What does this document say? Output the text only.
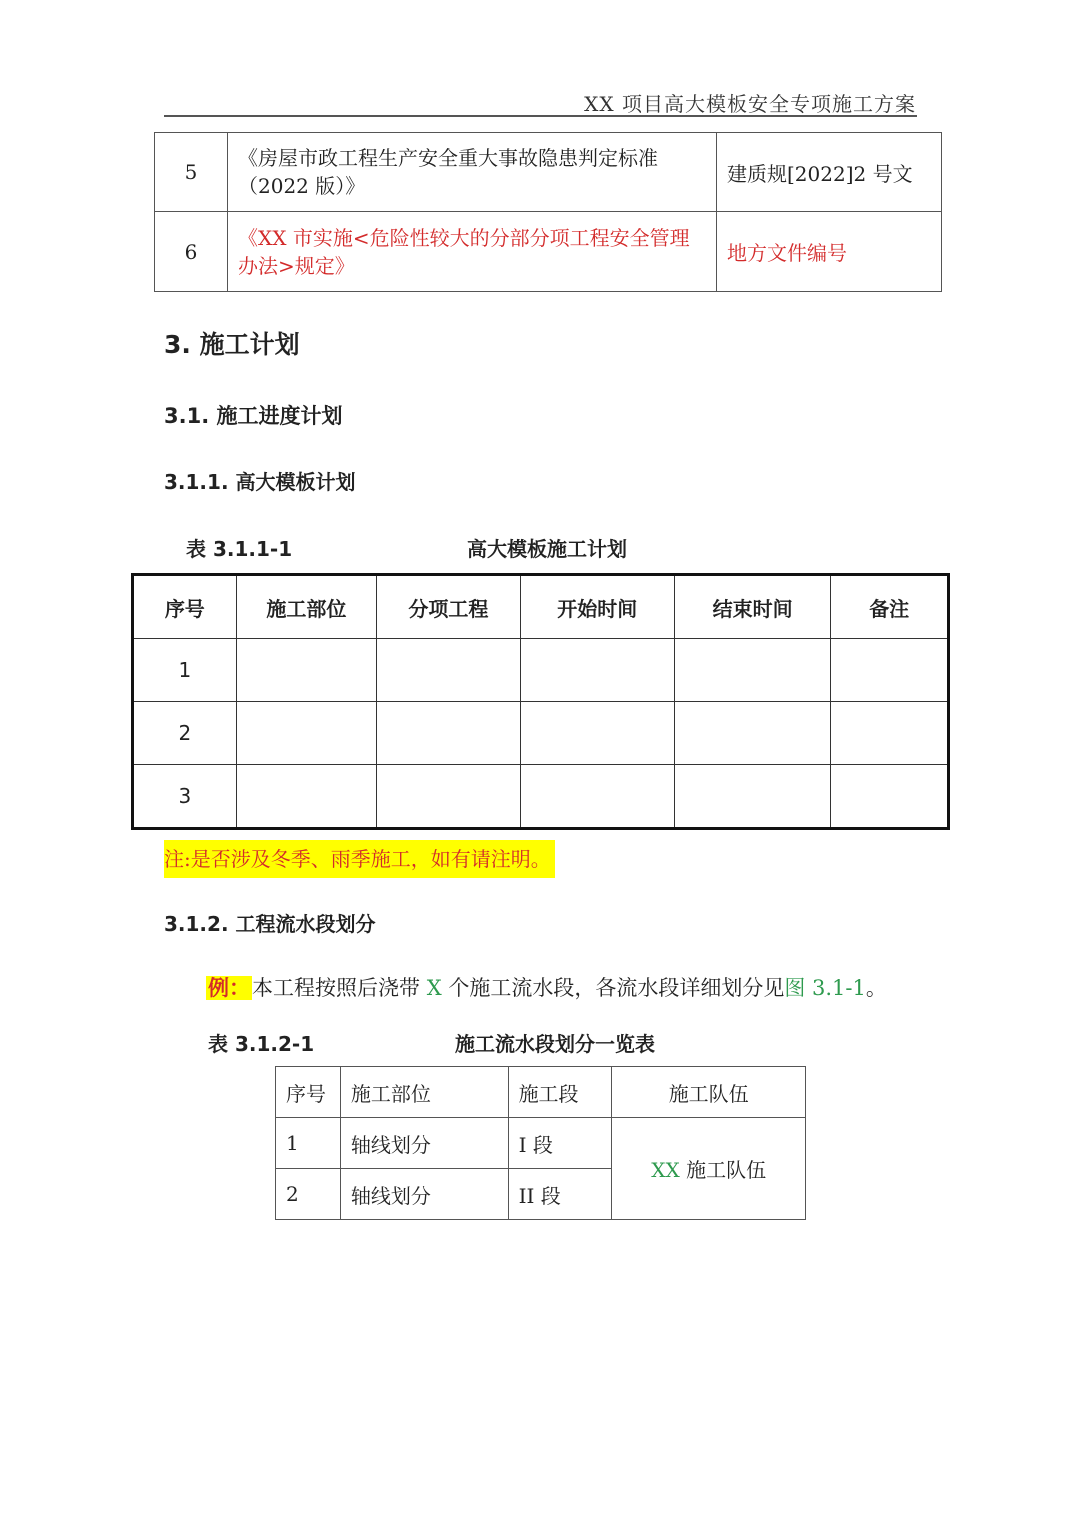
XX 项目高大模板安全专项施工方案
5	《房屋市政工程生产安全重大事故隐患判定标准（2022 版）》	建质规[2022]2 号文
6	《XX 市实施<危险性较大的分部分项工程安全管理办法>规定》	地方文件编号
3. 施工计划
3.1. 施工进度计划
3.1.1. 高大模板计划
表 3.1.1-1	高大模板施工计划
序号	施工部位	分项工程	开始时间	结束时间	备注
1					
2					
3					
注:是否涉及冬季、雨季施工，如有请注明。
3.1.2. 工程流水段划分
例：本工程按照后浇带 X 个施工流水段，各流水段详细划分见图 3.1-1。
表 3.1.2-1	施工流水段划分一览表
序号	施工部位	施工段	施工队伍
1	轴线划分	I 段	XX 施工队伍
2	轴线划分	II 段	
